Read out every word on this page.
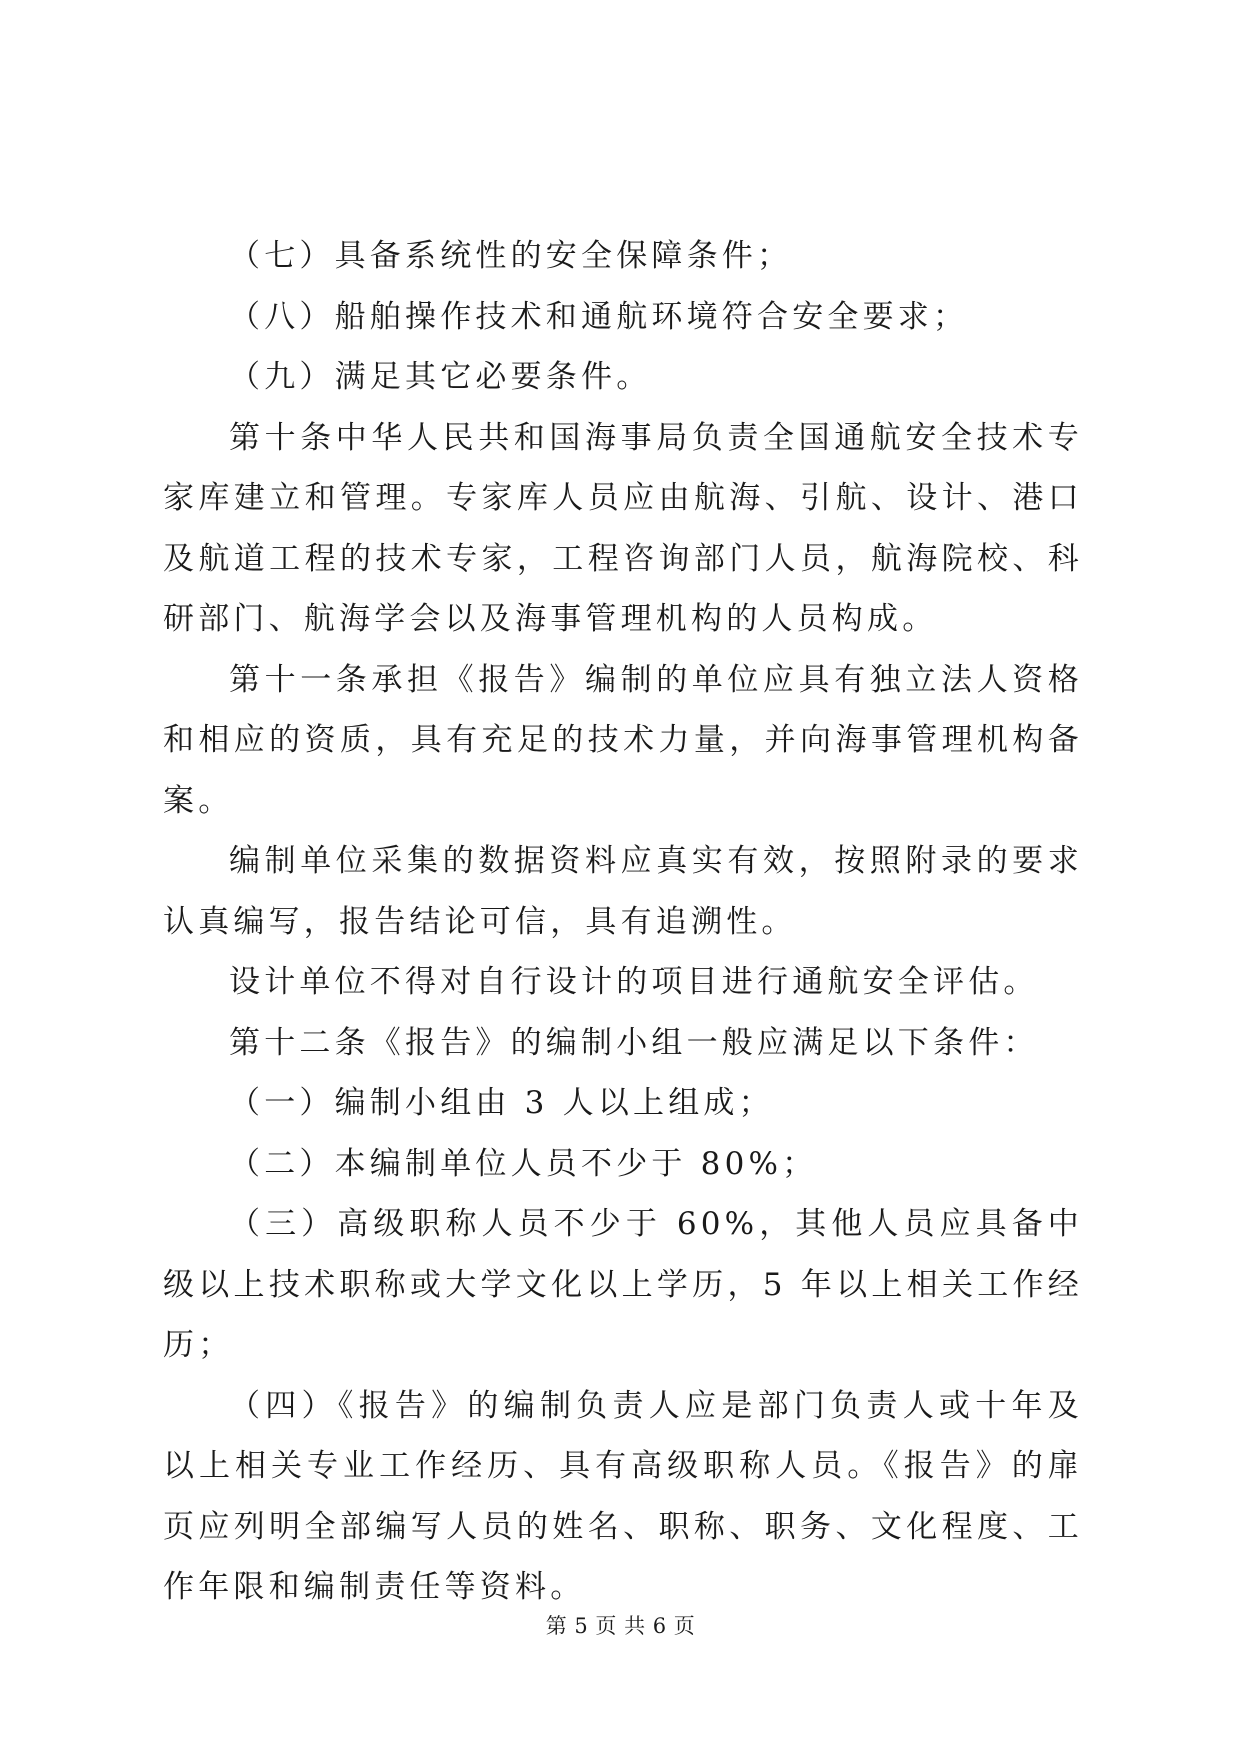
（七）具备系统性的安全保障条件；

（八）船舶操作技术和通航环境符合安全要求；

（九）满足其它必要条件。

第十条中华人民共和国海事局负责全国通航安全技术专家库建立和管理。专家库人员应由航海、引航、设计、港口及航道工程的技术专家，工程咨询部门人员，航海院校、科研部门、航海学会以及海事管理机构的人员构成。

第十一条承担《报告》编制的单位应具有独立法人资格和相应的资质，具有充足的技术力量，并向海事管理机构备案。

编制单位采集的数据资料应真实有效，按照附录的要求认真编写，报告结论可信，具有追溯性。

设计单位不得对自行设计的项目进行通航安全评估。

第十二条《报告》的编制小组一般应满足以下条件：

（一）编制小组由 3 人以上组成；

（二）本编制单位人员不少于 80%；

（三）高级职称人员不少于 60%，其他人员应具备中级以上技术职称或大学文化以上学历，5 年以上相关工作经历；

（四）《报告》的编制负责人应是部门负责人或十年及以上相关专业工作经历、具有高级职称人员。《报告》的扉页应列明全部编写人员的姓名、职称、职务、文化程度、工作年限和编制责任等资料。

第 5 页 共 6 页
